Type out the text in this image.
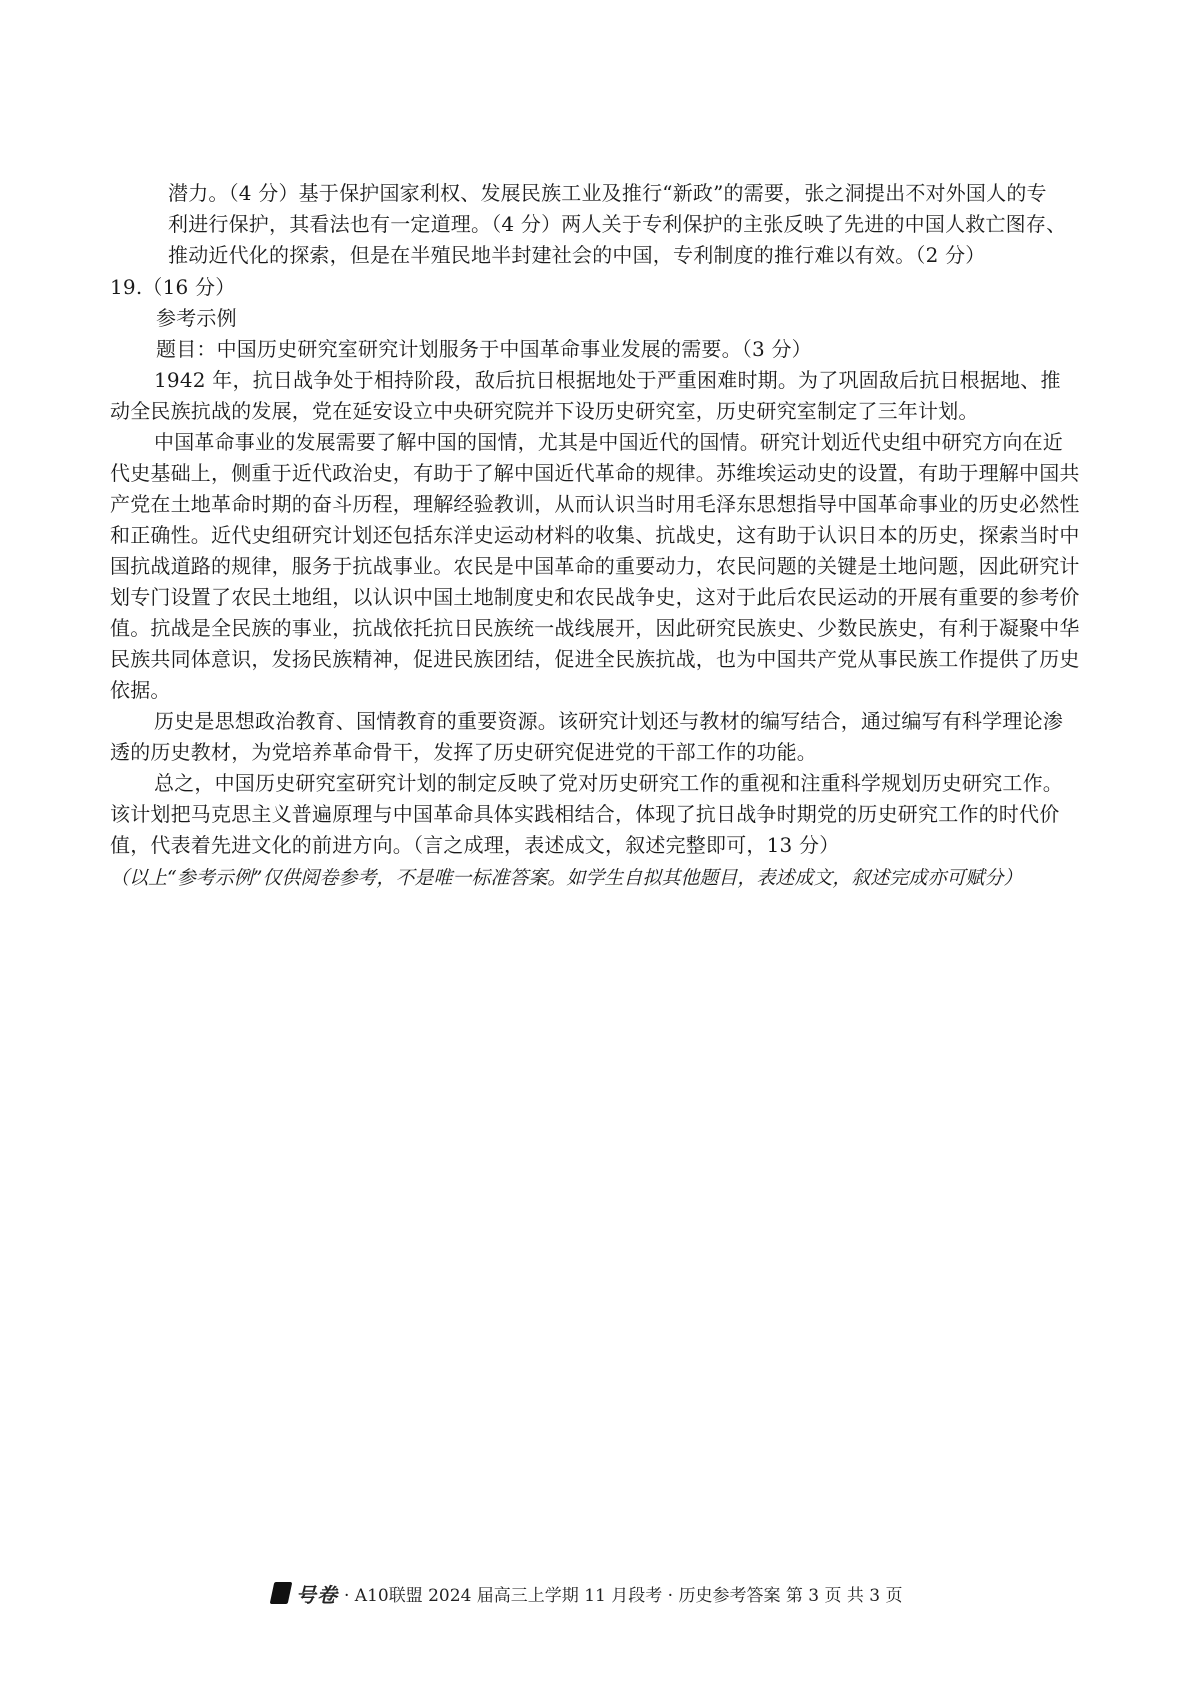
潜力。（4 分）基于保护国家利权、发展民族工业及推行“新政”的需要，张之洞提出不对外国人的专

利进行保护，其看法也有一定道理。（4 分）两人关于专利保护的主张反映了先进的中国人救亡图存、

推动近代化的探索，但是在半殖民地半封建社会的中国，专利制度的推行难以有效。（2 分）

19.（16 分）

参考示例

题目：中国历史研究室研究计划服务于中国革命事业发展的需要。（3 分）

1942 年，抗日战争处于相持阶段，敌后抗日根据地处于严重困难时期。为了巩固敌后抗日根据地、推动全民族抗战的发展，党在延安设立中央研究院并下设历史研究室，历史研究室制定了三年计划。

中国革命事业的发展需要了解中国的国情，尤其是中国近代的国情。研究计划近代史组中研究方向在近代史基础上，侧重于近代政治史，有助于了解中国近代革命的规律。苏维埃运动史的设置，有助于理解中国共产党在土地革命时期的奋斗历程，理解经验教训，从而认识当时用毛泽东思想指导中国革命事业的历史必然性和正确性。近代史组研究计划还包括东洋史运动材料的收集、抗战史，这有助于认识日本的历史，探索当时中国抗战道路的规律，服务于抗战事业。农民是中国革命的重要动力，农民问题的关键是土地问题，因此研究计划专门设置了农民土地组，以认识中国土地制度史和农民战争史，这对于此后农民运动的开展有重要的参考价值。抗战是全民族的事业，抗战依托抗日民族统一战线展开，因此研究民族史、少数民族史，有利于凝聚中华民族共同体意识，发扬民族精神，促进民族团结，促进全民族抗战，也为中国共产党从事民族工作提供了历史依据。

历史是思想政治教育、国情教育的重要资源。该研究计划还与教材的编写结合，通过编写有科学理论渗透的历史教材，为党培养革命骨干，发挥了历史研究促进党的干部工作的功能。

总之，中国历史研究室研究计划的制定反映了党对历史研究工作的重视和注重科学规划历史研究工作。该计划把马克思主义普遍原理与中国革命具体实践相结合，体现了抗日战争时期党的历史研究工作的时代价值，代表着先进文化的前进方向。（言之成理，表述成文，叙述完整即可，13 分）

（以上“参考示例”仅供阅卷参考，不是唯一标准答案。如学生自拟其他题目，表述成文，叙述完成亦可赋分）

号卷 · A10联盟 2024 届高三上学期 11 月段考 · 历史参考答案 第 3 页 共 3 页
